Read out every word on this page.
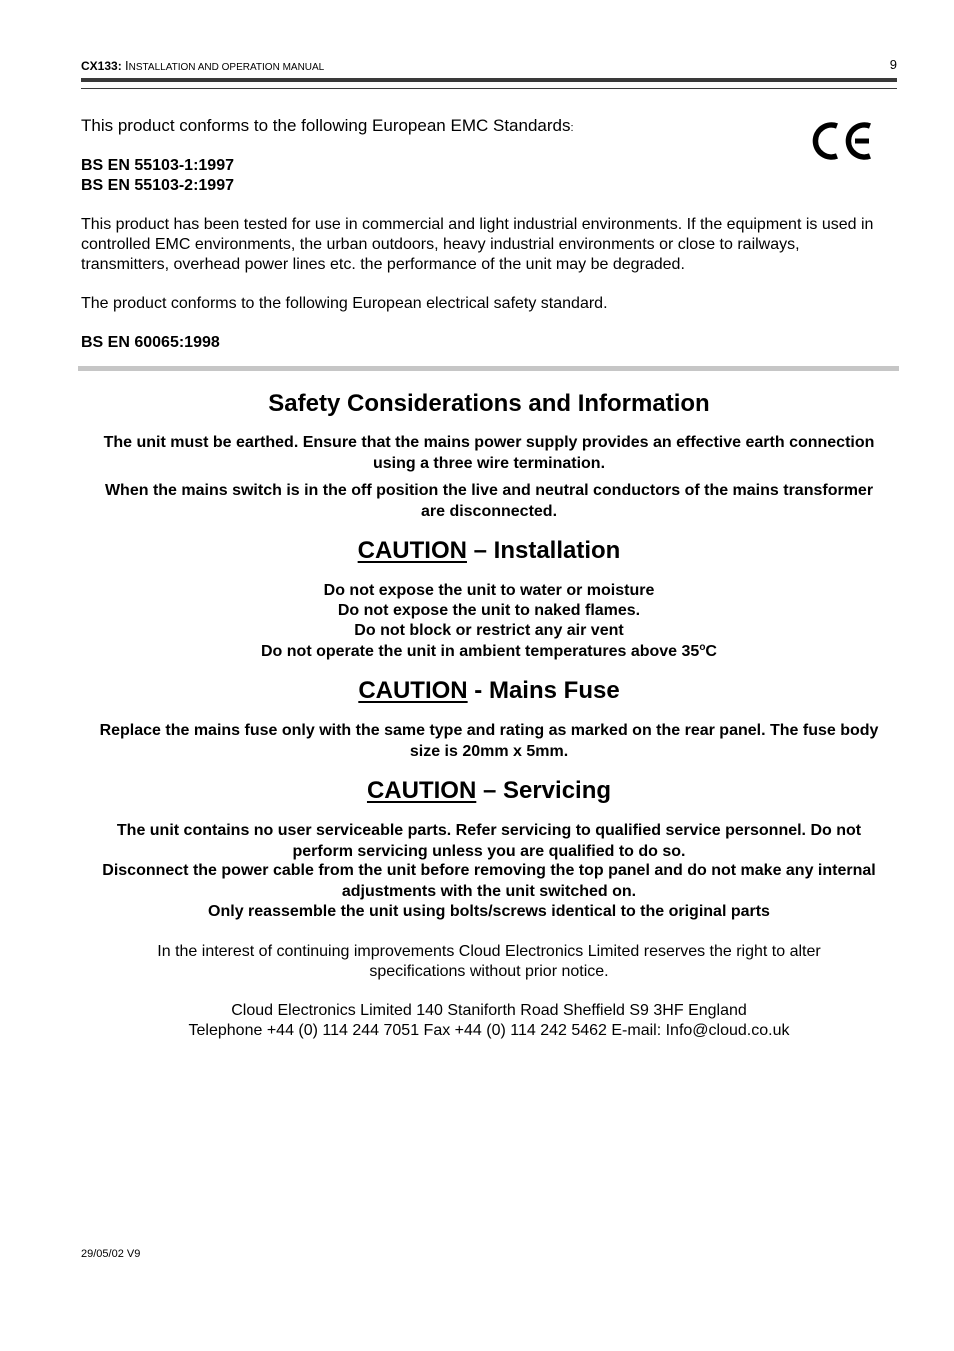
CX133: INSTALLATION AND OPERATION MANUAL	9
This product conforms to the following European EMC Standards:
BS EN 55103-1:1997
BS EN 55103-2:1997
This product has been tested for use in commercial and light industrial environments. If the equipment is used in controlled EMC environments, the urban outdoors, heavy industrial environments or close to railways, transmitters, overhead power lines etc. the performance of the unit may be degraded.
The product conforms to the following European electrical safety standard.
BS EN 60065:1998
Safety Considerations and Information
The unit must be earthed. Ensure that the mains power supply provides an effective earth connection using a three wire termination.
When the mains switch is in the off position the live and neutral conductors of the mains transformer are disconnected.
CAUTION – Installation
Do not expose the unit to water or moisture
Do not expose the unit to naked flames.
Do not block or restrict any air vent
Do not operate the unit in ambient temperatures above 35$^o$C
CAUTION - Mains Fuse
Replace the mains fuse only with the same type and rating as marked on the rear panel. The fuse body size is 20mm x 5mm.
CAUTION – Servicing
The unit contains no user serviceable parts. Refer servicing to qualified service personnel. Do not perform servicing unless you are qualified to do so.
Disconnect the power cable from the unit before removing the top panel and do not make any internal adjustments with the unit switched on.
Only reassemble the unit using bolts/screws identical to the original parts
In the interest of continuing improvements Cloud Electronics Limited reserves the right to alter specifications without prior notice.
Cloud Electronics Limited 140 Staniforth Road Sheffield S9 3HF England
Telephone +44 (0) 114 244 7051 Fax +44 (0) 114 242 5462 E-mail: Info@cloud.co.uk
29/05/02 V9
